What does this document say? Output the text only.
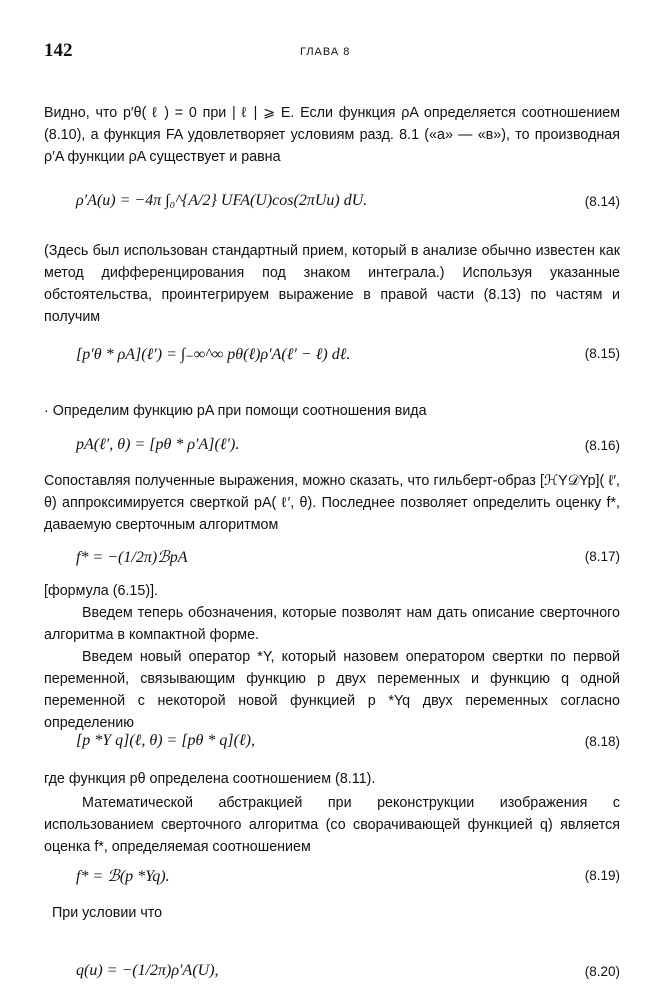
142	ГЛАВА 8
Видно, что p′θ( ℓ ) = 0 при | ℓ | ⩾ E. Если функция ρA определяется соотношением (8.10), а функция FA удовлетворяет условиям разд. 8.1 («а» — «в»), то производная ρ′A функции ρA существует и равна
ρ′A(u) = −4π ∫₀^{A/2} UFA(U)cos(2πUu) dU.	(8.14)
(Здесь был использован стандартный прием, который в анализе обычно известен как метод дифференцирования под знаком интеграла.) Используя указанные обстоятельства, проинтегрируем выражение в правой части (8.13) по частям и получим
[p′θ * ρA](ℓ′) = ∫₋∞^∞ pθ(ℓ)ρ′A(ℓ′ − ℓ) dℓ.	(8.15)
· Определим функцию pA при помощи соотношения вида
pA(ℓ′, θ) = [pθ * ρ′A](ℓ′).	(8.16)
Сопоставляя полученные выражения, можно сказать, что гильберт-образ [ℋY𝒟Yp]( ℓ′, θ) аппроксимируется сверткой pA( ℓ′, θ). Последнее позволяет определить оценку f*, даваемую сверточным алгоритмом
f* = −(1/2π)ℬpA	(8.17)
[формула (6.15)].
Введем теперь обозначения, которые позволят нам дать описание сверточного алгоритма в компактной форме.
Введем новый оператор *Y, который назовем оператором свертки по первой переменной, связывающим функцию p двух переменных и функцию q одной переменной с некоторой новой функцией p *Yq двух переменных согласно определению
[p *Y q](ℓ, θ) = [pθ * q](ℓ),	(8.18)
где функция pθ определена соотношением (8.11).
Математической абстракцией при реконструкции изображения с использованием сверточного алгоритма (со сворачивающей функцией q) является оценка f*, определяемая соотношением
f* = ℬ(p *Yq).	(8.19)
При условии что
q(u) = −(1/2π)ρ′A(U),	(8.20)
